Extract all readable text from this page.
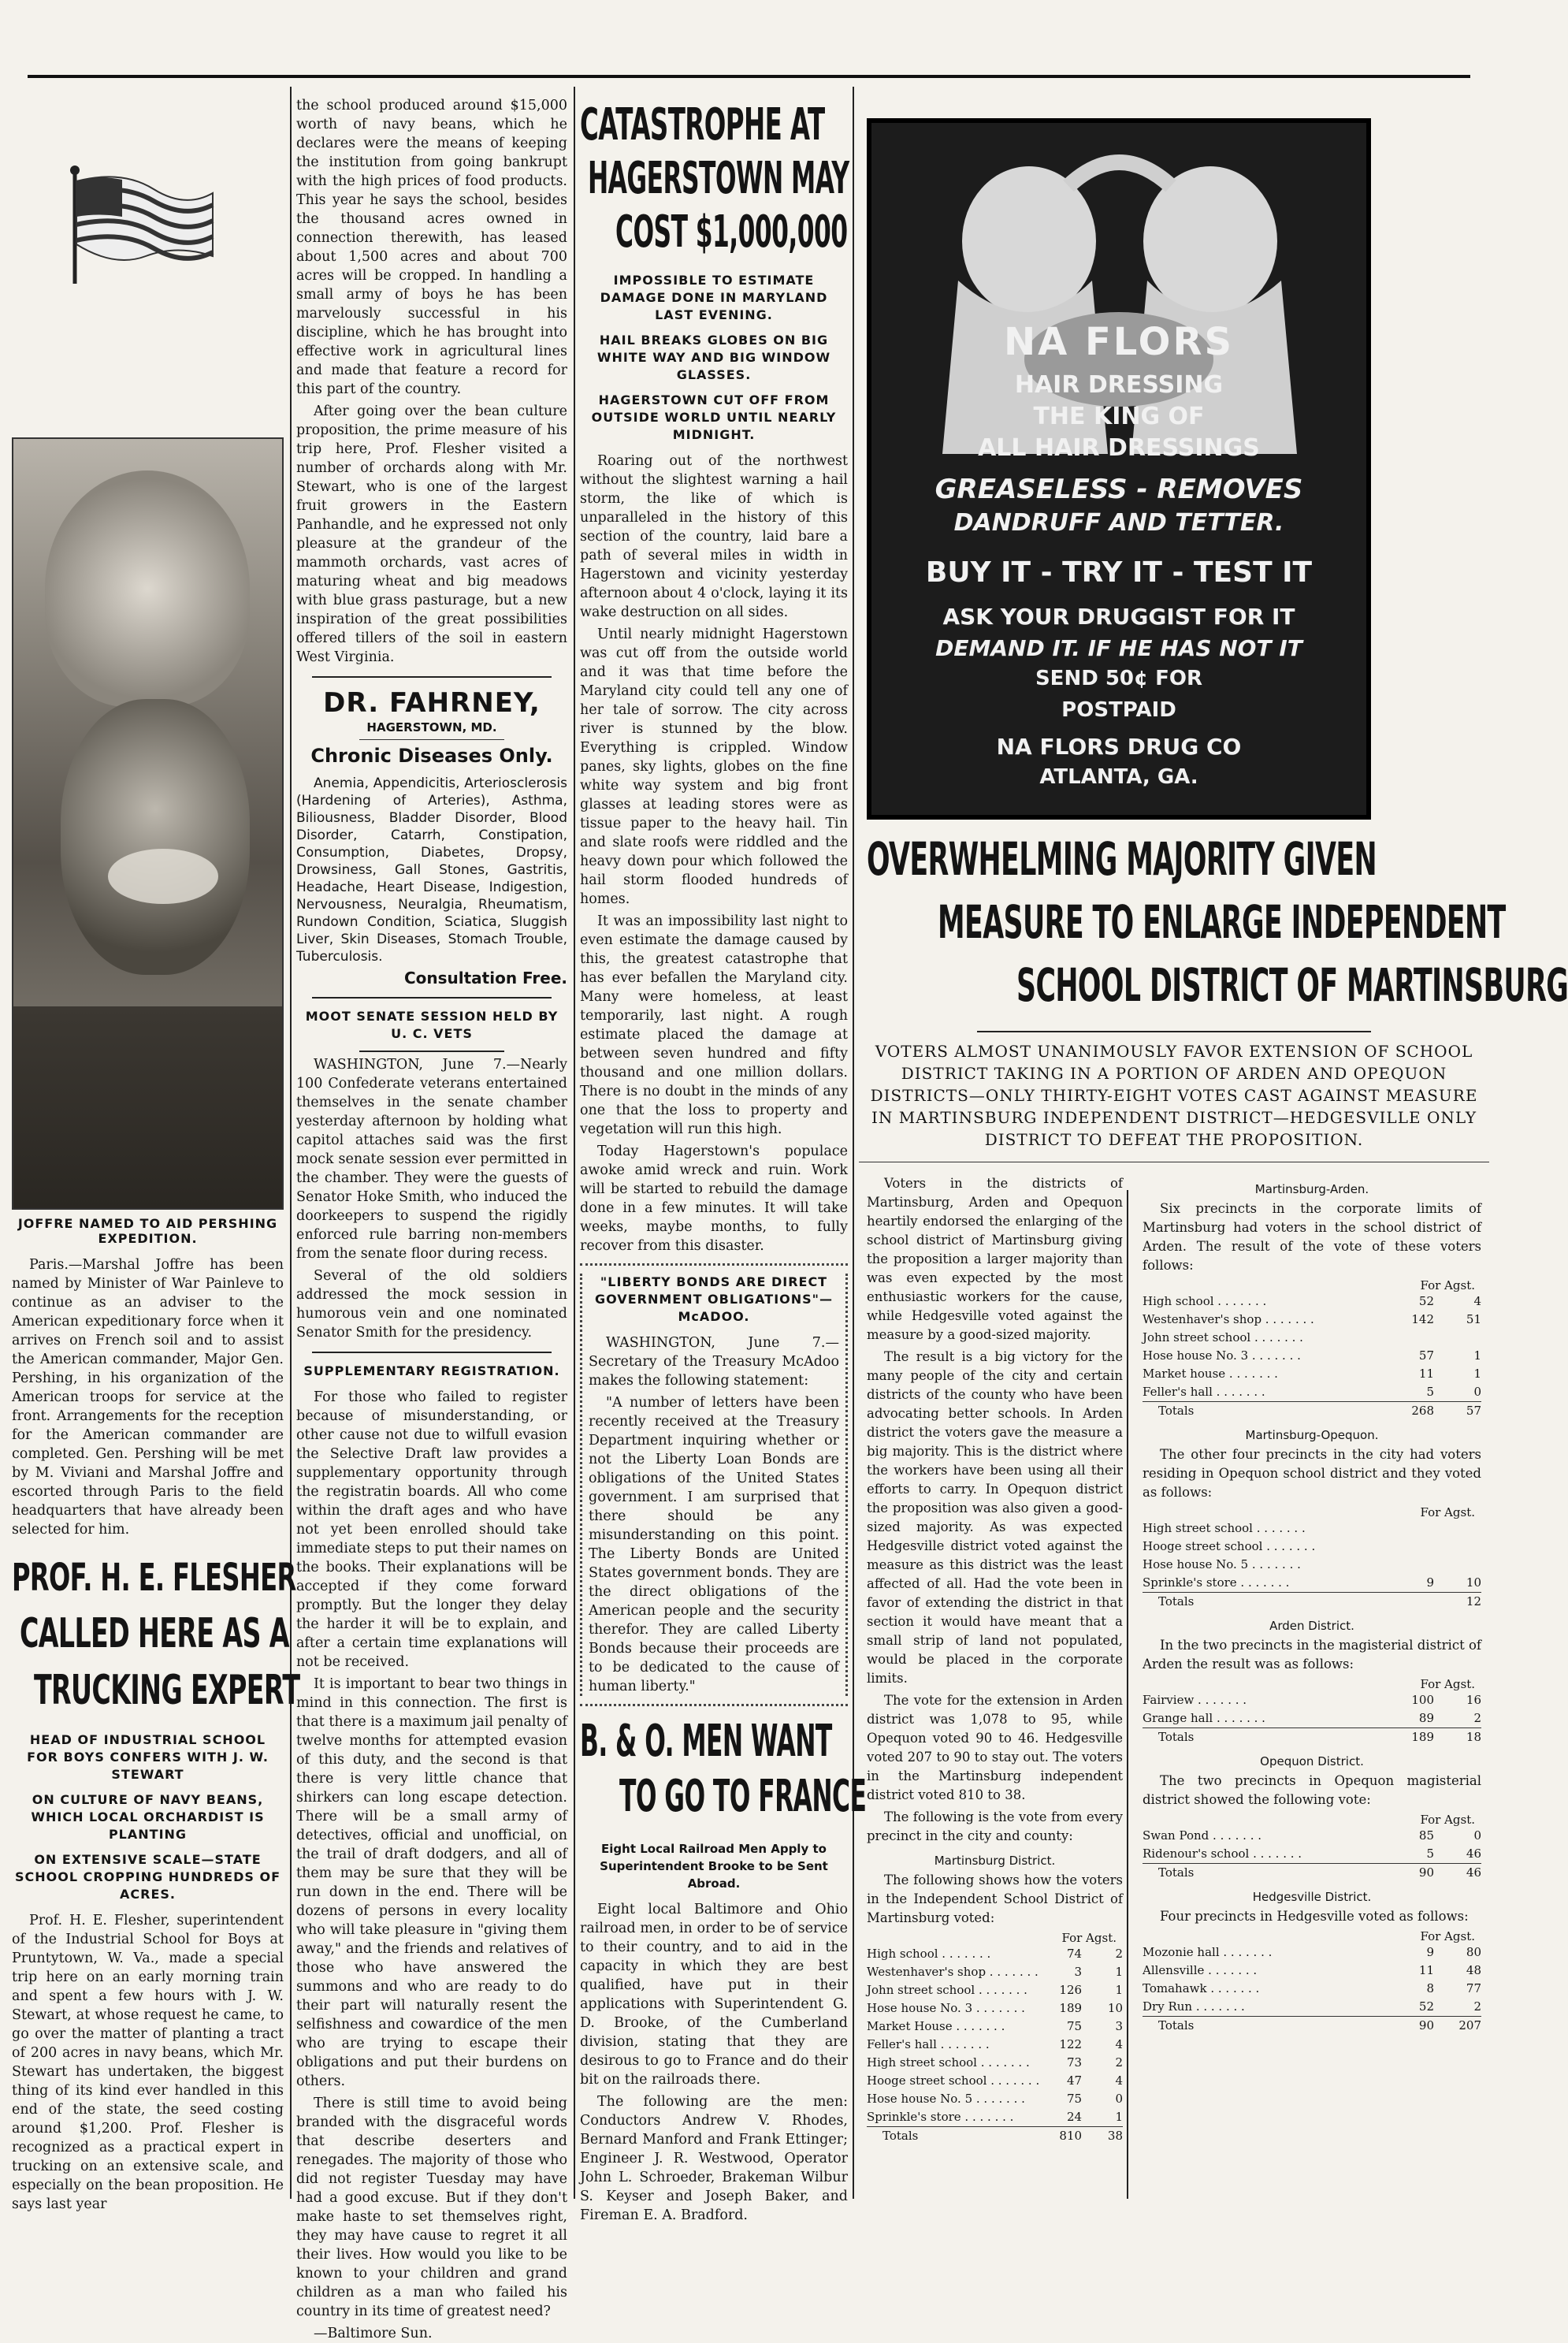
JOFFRE NAMED TO AID PERSHING EXPEDITION.

Paris.—Marshal Joffre has been named by Minister of War Painleve to continue as an adviser to the American expeditionary force when it arrives on French soil and to assist the American commander, Major Gen. Pershing, in his organization of the American troops for service at the front. Arrangements for the reception for the American commander are completed. Gen. Pershing will be met by M. Viviani and Marshal Joffre and escorted through Paris to the field headquarters that have already been selected for him.

PROF. H. E. FLESHER
CALLED HERE AS A
TRUCKING EXPERT
HEAD OF INDUSTRIAL SCHOOL FOR BOYS CONFERS WITH J. W. STEWART
ON CULTURE OF NAVY BEANS, WHICH LOCAL ORCHARDIST IS PLANTING
ON EXTENSIVE SCALE—STATE SCHOOL CROPPING HUNDREDS OF ACRES.

Prof. H. E. Flesher, superintendent of the Industrial School for Boys at Pruntytown, W. Va., made a special trip here on an early morning train and spent a few hours with J. W. Stewart, at whose request he came, to go over the matter of planting a tract of 200 acres in navy beans, which Mr. Stewart has undertaken, the biggest thing of its kind ever handled in this end of the state, the seed costing around $1,200. Prof. Flesher is recognized as a practical expert in trucking on an extensive scale, and especially on the bean proposition. He says last year

the school produced around $15,000 worth of navy beans, which he declares were the means of keeping the institution from going bankrupt with the high prices of food products. This year he says the school, besides the thousand acres owned in connection therewith, has leased about 1,500 acres and about 700 acres will be cropped. In handling a small army of boys he has been marvelously successful in his discipline, which he has brought into effective work in agricultural lines and made that feature a record for this part of the country.

After going over the bean culture proposition, the prime measure of his trip here, Prof. Flesher visited a number of orchards along with Mr. Stewart, who is one of the largest fruit growers in the Eastern Panhandle, and he expressed not only pleasure at the grandeur of the mammoth orchards, vast acres of maturing wheat and big meadows with blue grass pasturage, but a new inspiration of the great possibilities offered tillers of the soil in eastern West Virginia.

DR. FAHRNEY,
HAGERSTOWN, MD.
Chronic Diseases Only.

Anemia, Appendicitis, Arteriosclerosis (Hardening of Arteries), Asthma, Biliousness, Bladder Disorder, Blood Disorder, Catarrh, Constipation, Consumption, Diabetes, Dropsy, Drowsiness, Gall Stones, Gastritis, Headache, Heart Disease, Indigestion, Nervousness, Neuralgia, Rheumatism, Rundown Condition, Sciatica, Sluggish Liver, Skin Diseases, Stomach Trouble, Tuberculosis.

Consultation Free.
MOOT SENATE SESSION HELD BY U. C. VETS

WASHINGTON, June 7.—Nearly 100 Confederate veterans entertained themselves in the senate chamber yesterday afternoon by holding what capitol attaches said was the first mock senate session ever permitted in the chamber. They were the guests of Senator Hoke Smith, who induced the doorkeepers to suspend the rigidly enforced rule barring non-members from the senate floor during recess.

Several of the old soldiers addressed the mock session in humorous vein and one nominated Senator Smith for the presidency.

SUPPLEMENTARY REGISTRATION.

For those who failed to register because of misunderstanding, or other cause not due to wilfull evasion the Selective Draft law provides a supplementary opportunity through the registratin boards. All who come within the draft ages and who have not yet been enrolled should take immediate steps to put their names on the books. Their explanations will be accepted if they come forward promptly. But the longer they delay the harder it will be to explain, and after a certain time explanations will not be received.

It is important to bear two things in mind in this connection. The first is that there is a maximum jail penalty of twelve months for attempted evasion of this duty, and the second is that there is very little chance that shirkers can long escape detection. There will be a small army of detectives, official and unofficial, on the trail of draft dodgers, and all of them may be sure that they will be run down in the end. There will be dozens of persons in every locality who will take pleasure in "giving them away," and the friends and relatives of those who have answered the summons and who are ready to do their part will naturally resent the selfishness and cowardice of the men who are trying to escape their obligations and put their burdens on others.

There is still time to avoid being branded with the disgraceful words that describe deserters and renegades. The majority of those who did not register Tuesday may have had a good excuse. But if they don't make haste to set themselves right, they may have cause to regret it all their lives. How would you like to be known to your children and grand children as a man who failed his country in its time of greatest need?

—Baltimore Sun.

CATASTROPHE AT
HAGERSTOWN MAY
COST $1,000,000
IMPOSSIBLE TO ESTIMATE DAMAGE DONE IN MARYLAND LAST EVENING.
HAIL BREAKS GLOBES ON BIG WHITE WAY AND BIG WINDOW GLASSES.
HAGERSTOWN CUT OFF FROM OUTSIDE WORLD UNTIL NEARLY MIDNIGHT.

Roaring out of the northwest without the slightest warning a hail storm, the like of which is unparalleled in the history of this section of the country, laid bare a path of several miles in width in Hagerstown and vicinity yesterday afternoon about 4 o'clock, laying it its wake destruction on all sides.

Until nearly midnight Hagerstown was cut off from the outside world and it was that time before the Maryland city could tell any one of her tale of sorrow. The city across river is stunned by the blow. Everything is crippled. Window panes, sky lights, globes on the fine white way system and big front glasses at leading stores were as tissue paper to the heavy hail. Tin and slate roofs were riddled and the heavy down pour which followed the hail storm flooded hundreds of homes.

It was an impossibility last night to even estimate the damage caused by this, the greatest catastrophe that has ever befallen the Maryland city. Many were homeless, at least temporarily, last night. A rough estimate placed the damage at between seven hundred and fifty thousand and one million dollars. There is no doubt in the minds of any one that the loss to property and vegetation will run this high.

Today Hagerstown's populace awoke amid wreck and ruin. Work will be started to rebuild the damage done in a few minutes. It will take weeks, maybe months, to fully recover from this disaster.

"LIBERTY BONDS ARE DIRECT GOVERNMENT OBLIGATIONS"—McADOO.

WASHINGTON, June 7.—Secretary of the Treasury McAdoo makes the following statement:

"A number of letters have been recently received at the Treasury Department inquiring whether or not the Liberty Loan Bonds are obligations of the United States government. I am surprised that there should be any misunderstanding on this point. The Liberty Bonds are United States government bonds. They are the direct obligations of the American people and the security therefor. They are called Liberty Bonds because their proceeds are to be dedicated to the cause of human liberty."

B. & O. MEN WANT
TO GO TO FRANCE
Eight Local Railroad Men Apply to Superintendent Brooke to be Sent Abroad.

Eight local Baltimore and Ohio railroad men, in order to be of service to their country, and to aid in the capacity in which they are best qualified, have put in their applications with Superintendent G. D. Brooke, of the Cumberland division, stating that they are desirous to go to France and do their bit on the railroads there.

The following are the men: Conductors Andrew V. Rhodes, Bernard Manford and Frank Ettinger; Engineer J. R. Westwood, Operator John L. Schroeder, Brakeman Wilbur S. Keyser and Joseph Baker, and Fireman E. A. Bradford.

NA FLORS
HAIR DRESSING
THE KING OF
ALL HAIR DRESSINGS
GREASELESS - REMOVES
DANDRUFF AND TETTER.
BUY IT - TRY IT - TEST IT
ASK YOUR DRUGGIST FOR IT
DEMAND IT. IF HE HAS NOT IT
SEND 50¢ FOR
POSTPAID
NA FLORS DRUG CO
ATLANTA, GA.
OVERWHELMING MAJORITY GIVEN
MEASURE TO ENLARGE INDEPENDENT
SCHOOL DISTRICT OF MARTINSBURG
VOTERS ALMOST UNANIMOUSLY FAVOR EXTENSION OF SCHOOL DISTRICT TAKING IN A PORTION OF ARDEN AND OPEQUON DISTRICTS—ONLY THIRTY-EIGHT VOTES CAST AGAINST MEASURE IN MARTINSBURG INDEPENDENT DISTRICT—HEDGESVILLE ONLY DISTRICT TO DEFEAT THE PROPOSITION.

Voters in the districts of Martinsburg, Arden and Opequon heartily endorsed the enlarging of the school district of Martinsburg giving the proposition a larger majority than was even expected by the most enthusiastic workers for the cause, while Hedgesville voted against the measure by a good-sized majority.

The result is a big victory for the many people of the city and certain districts of the county who have been advocating better schools. In Arden district the voters gave the measure a big majority. This is the district where the workers have been using all their efforts to carry. In Opequon district the proposition was also given a good-sized majority. As was expected Hedgesville district voted against the measure as this district was the least affected of all. Had the vote been in favor of extending the district in that section it would have meant that a small strip of land not populated, would be placed in the corporate limits.

The vote for the extension in Arden district was 1,078 to 95, while Opequon voted 90 to 46. Hedgesville voted 207 to 90 to stay out. The voters in the Martinsburg independent district voted 810 to 38.

The following is the vote from every precinct in the city and county:

Martinsburg District.

The following shows how the voters in the Independent School District of Martinsburg voted:

For Agst.
High school . . . . . . .	74	2
Westenhaver's shop . . . . . . .	3	1
John street school . . . . . . .	126	1
Hose house No. 3 . . . . . . .	189	10
Market House . . . . . . .	75	3
Feller's hall . . . . . . .	122	4
High street school . . . . . . .	73	2
Hooge street school . . . . . . .	47	4
Hose house No. 5 . . . . . . .	75	0
Sprinkle's store . . . . . . .	24	1
Totals	810	38
Martinsburg-Arden.

Six precincts in the corporate limits of Martinsburg had voters in the school district of Arden. The result of the vote of these voters follows:

For Agst.
High school . . . . . . .	52	4
Westenhaver's shop . . . . . . .	142	51
John street school . . . . . . .		
Hose house No. 3 . . . . . . .	57	1
Market house . . . . . . .	11	1
Feller's hall . . . . . . .	5	0
Totals	268	57
Martinsburg-Opequon.

The other four precincts in the city had voters residing in Opequon school district and they voted as follows:

For Agst.
High street school . . . . . . .		
Hooge street school . . . . . . .		
Hose house No. 5 . . . . . . .		
Sprinkle's store . . . . . . .	9	10
Totals		12
Arden District.

In the two precincts in the magisterial district of Arden the result was as follows:

For Agst.
Fairview . . . . . . .	100	16
Grange hall . . . . . . .	89	2
Totals	189	18
Opequon District.

The two precincts in Opequon magisterial district showed the following vote:

For Agst.
Swan Pond . . . . . . .	85	0
Ridenour's school . . . . . . .	5	46
Totals	90	46
Hedgesville District.

Four precincts in Hedgesville voted as follows:

For Agst.
Mozonie hall . . . . . . .	9	80
Allensville . . . . . . .	11	48
Tomahawk . . . . . . .	8	77
Dry Run . . . . . . .	52	2
Totals	90	207
